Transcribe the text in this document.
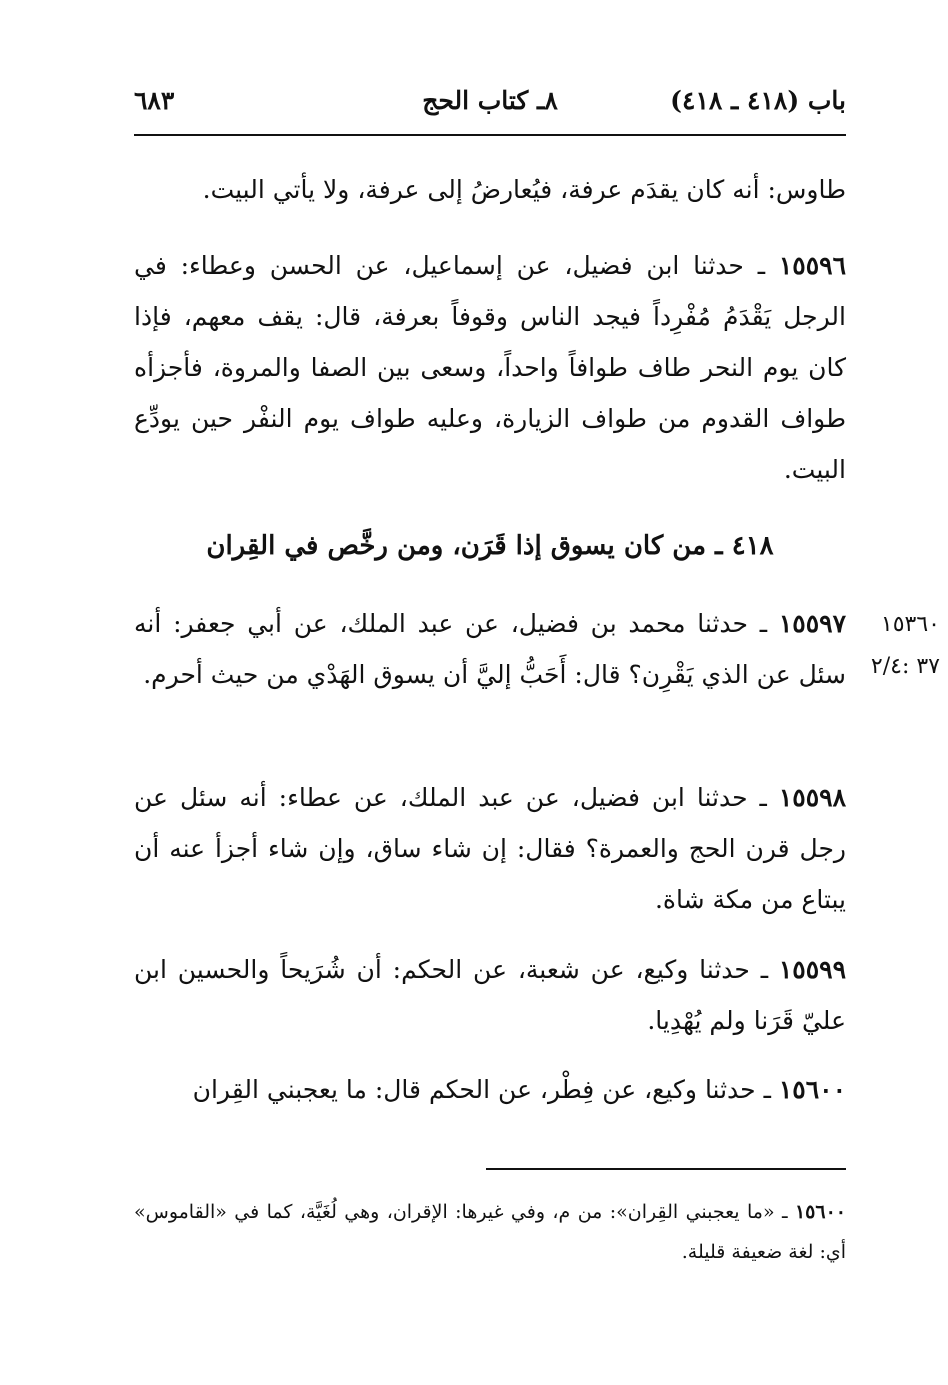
باب (٤١٨ ـ ٤١٨)
٨ـ كتاب الحج
٦٨٣

طاوس: أنه كان يقدَم عرفة، فيُعارضُ إلى عرفة، ولا يأتي البيت.

١٥٥٩٦ ـ حدثنا ابن فضيل، عن إسماعيل، عن الحسن وعطاء: في الرجل يَقْدَمُ مُفْرِداً فيجد الناس وقوفاً بعرفة، قال: يقف معهم، فإذا كان يوم النحر طاف طوافاً واحداً، وسعى بين الصفا والمروة، فأجزأه طواف القدوم من طواف الزيارة، وعليه طواف يوم النفْر حين يودِّع البيت.

٤١٨ ـ من كان يسوق إذا قَرَن، ومن رخَّص في القِران

١٥٣٦٠
٣٧ :٢/٤

١٥٥٩٧ ـ حدثنا محمد بن فضيل، عن عبد الملك، عن أبي جعفر: أنه سئل عن الذي يَقْرِن؟ قال: أَحَبُّ إليَّ أن يسوق الهَدْي من حيث أحرم.

١٥٥٩٨ ـ حدثنا ابن فضيل، عن عبد الملك، عن عطاء: أنه سئل عن رجل قرن الحج والعمرة؟ فقال: إن شاء ساق، وإن شاء أجزأ عنه أن يبتاع من مكة شاة.

١٥٥٩٩ ـ حدثنا وكيع، عن شعبة، عن الحكم: أن شُرَيحاً والحسين ابن عليّ قَرَنا ولم يُهْدِيا.

١٥٦٠٠ ـ حدثنا وكيع، عن فِطْر، عن الحكم قال: ما يعجبني القِران

١٥٦٠٠ ـ «ما يعجبني القِران»: من م، وفي غيرها: الإقران، وهي لُغَيَّة، كما في «القاموس» أي: لغة ضعيفة قليلة.
